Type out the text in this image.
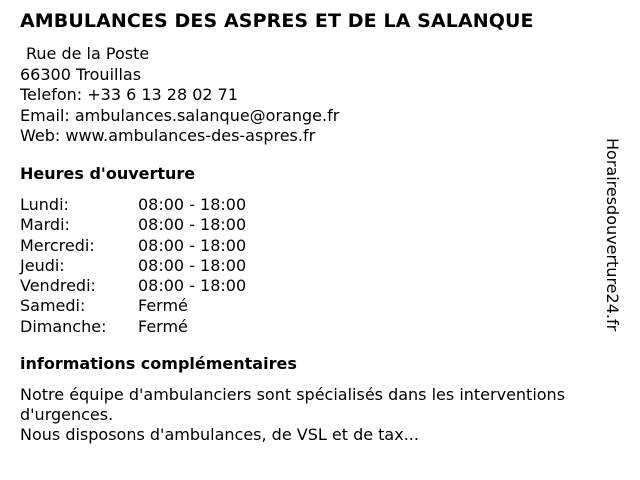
AMBULANCES DES ASPRES ET DE LA SALANQUE
Rue de la Poste
66300 Trouillas
Telefon: +33 6 13 28 02 71
Email: ambulances.salanque@orange.fr
Web: www.ambulances-des-aspres.fr
Heures d'ouverture
Lundi:	08:00 - 18:00
Mardi:	08:00 - 18:00
Mercredi:	08:00 - 18:00
Jeudi:	08:00 - 18:00
Vendredi:	08:00 - 18:00
Samedi:	Fermé
Dimanche:	Fermé
informations complémentaires

Notre équipe d'ambulanciers sont spécialisés dans les interventions d'urgences.

Nous disposons d'ambulances, de VSL et de tax...

Horairesdouverture24.fr
